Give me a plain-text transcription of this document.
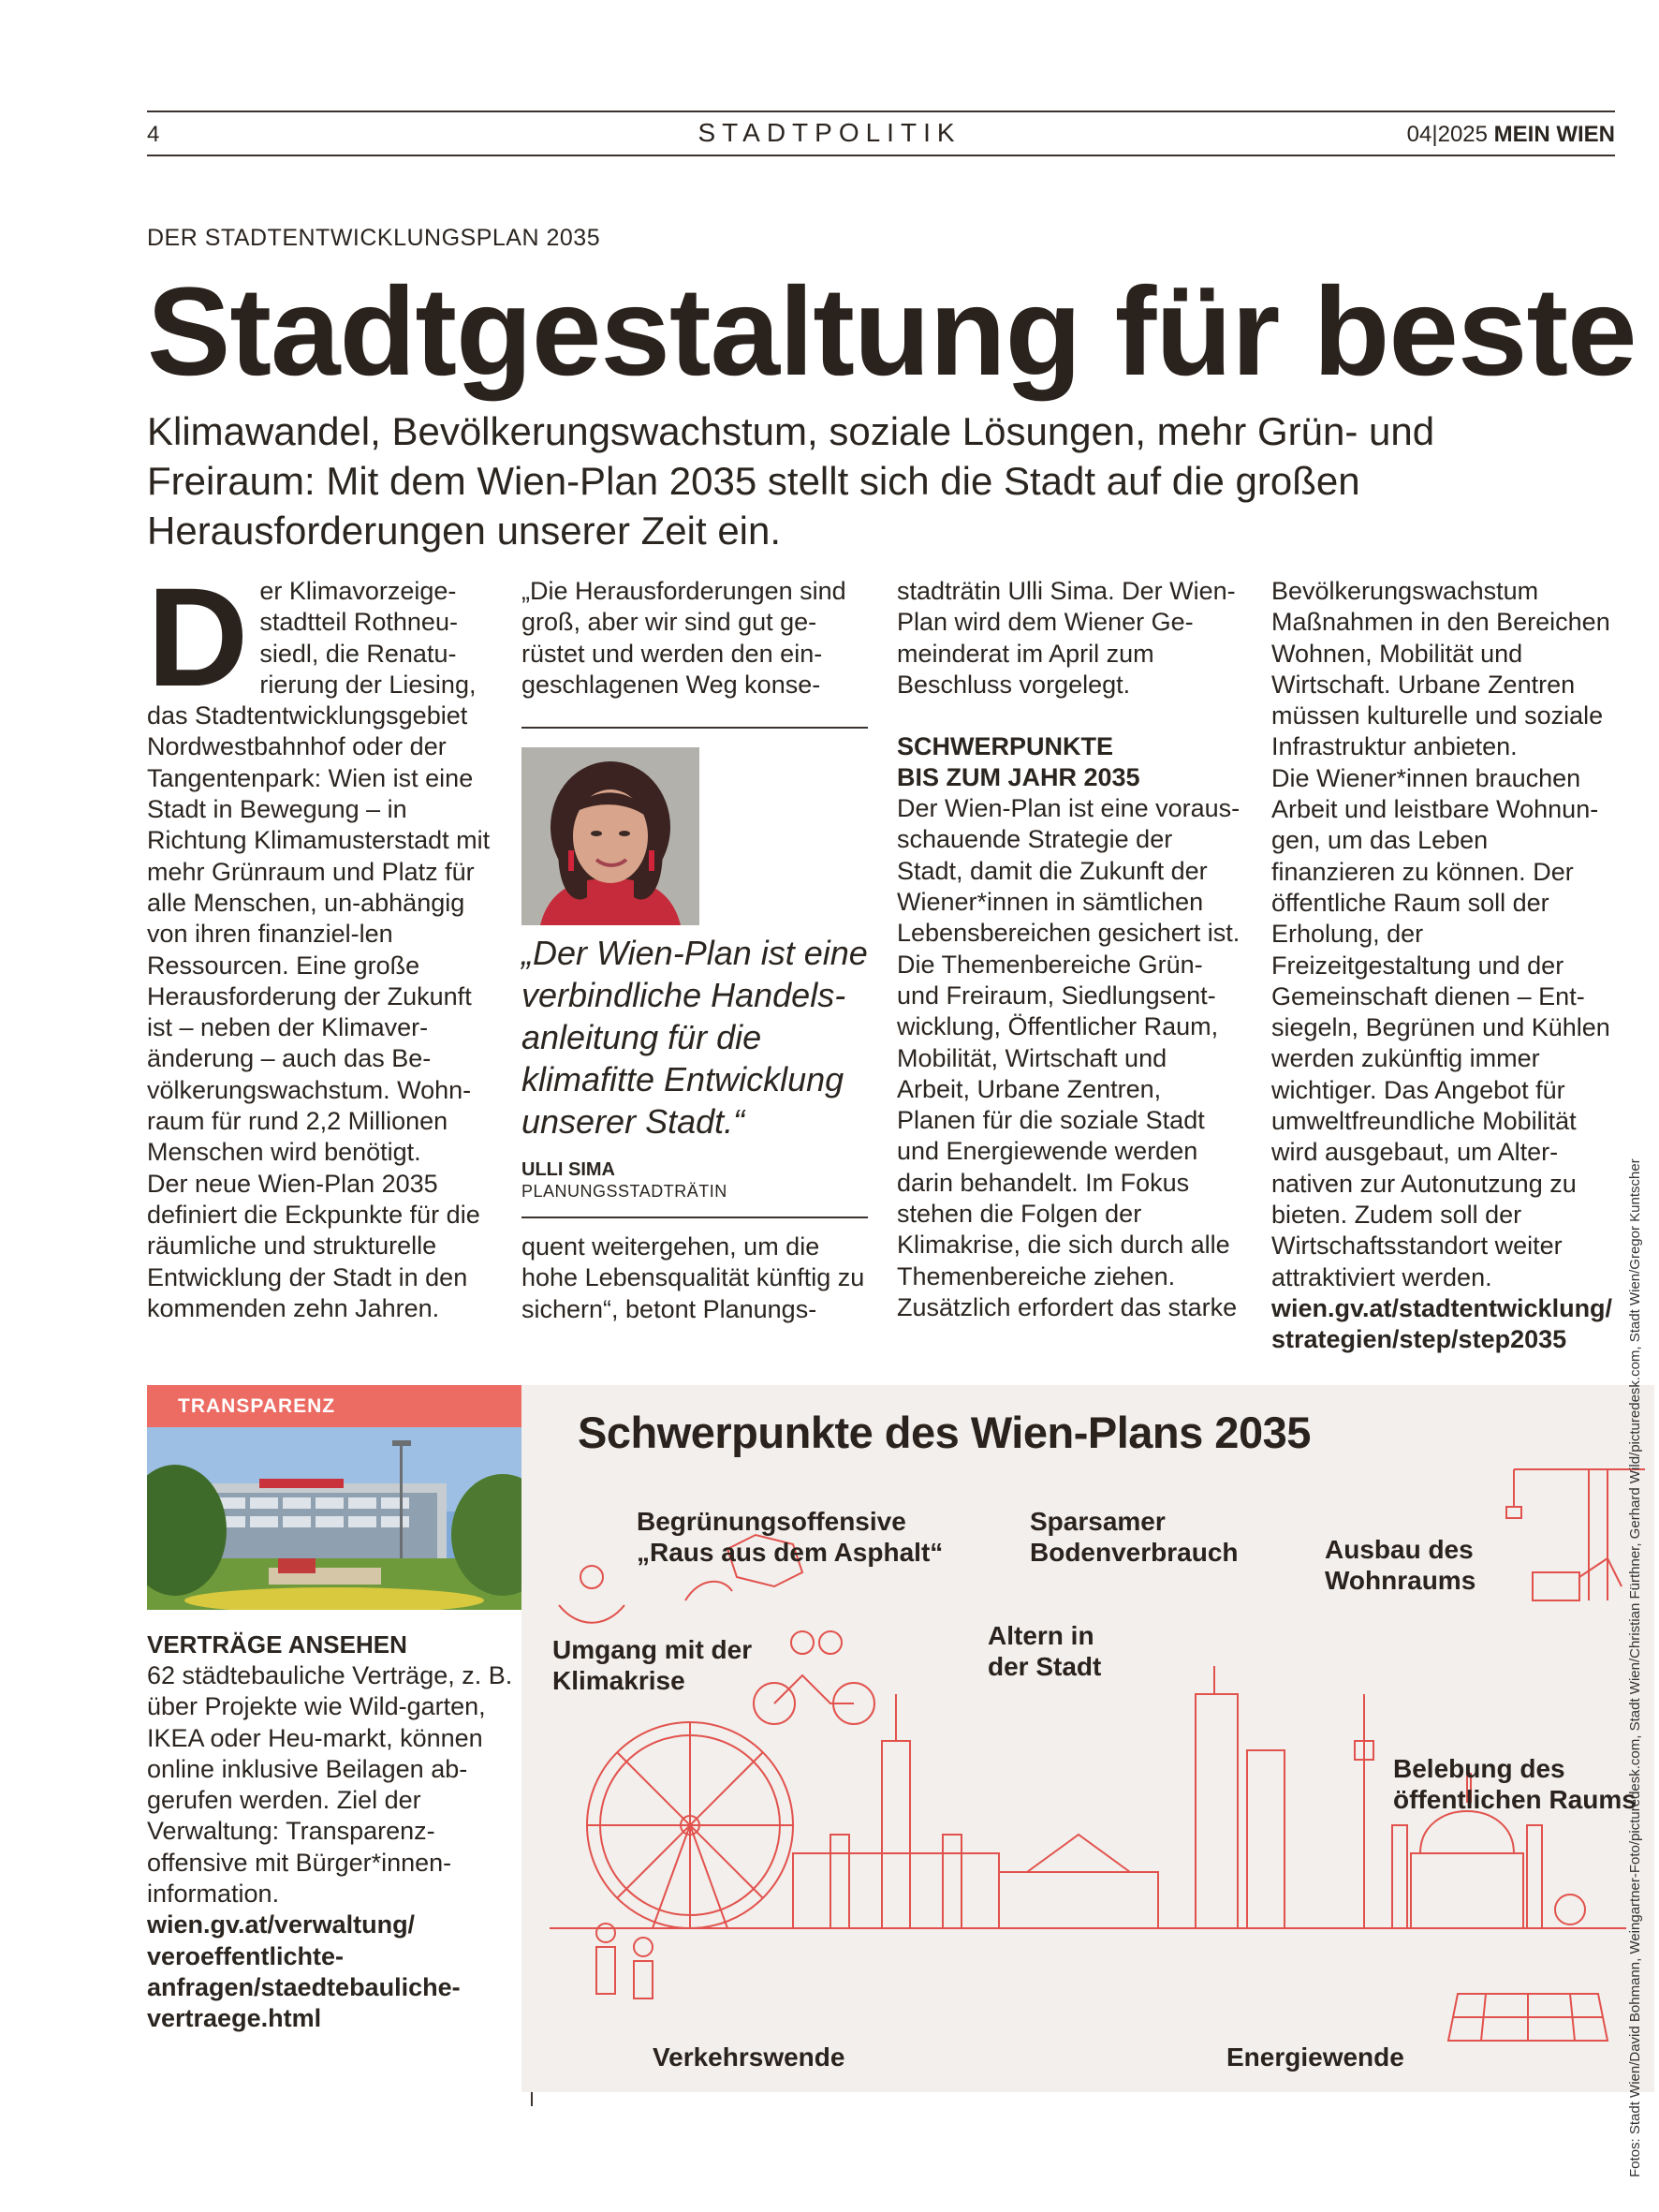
4	STADTPOLITIK	04|2025 MEIN WIEN
DER STADTENTWICKLUNGSPLAN 2035
Stadtgestaltung für beste
Klimawandel, Bevölkerungswachstum, soziale Lösungen, mehr Grün- und Freiraum: Mit dem Wien-Plan 2035 stellt sich die Stadt auf die großen Herausforderungen unserer Zeit ein.
D er Klimavorzeige-stadtteil Rothneu-siedl, die Renatu-rierung der Liesing, das Stadtentwicklungsgebiet Nordwestbahnhof oder der Tangentenpark: Wien ist eine Stadt in Bewegung – in Richtung Klimamusterstadt mit mehr Grünraum und Platz für alle Menschen, un-abhängig von ihren finanziel-len Ressourcen. Eine große Herausforderung der Zukunft ist – neben der Klimaver-änderung – auch das Be-völkerungswachstum. Wohn-raum für rund 2,2 Millionen Menschen wird benötigt.

Der neue Wien-Plan 2035 definiert die Eckpunkte für die räumliche und strukturelle Entwicklung der Stadt in den kommenden zehn Jahren.

„Die Herausforderungen sind groß, aber wir sind gut ge-rüstet und werden den ein-geschlagenen Weg konse-

„Der Wien-Plan ist eine verbindliche Handels-anleitung für die klimafitte Entwicklung unserer Stadt.“
ULLI SIMA
PLANUNGSSTADTRÄTIN

quent weitergehen, um die hohe Lebensqualität künftig zu sichern“, betont Planungs-

stadträtin Ulli Sima. Der Wien-Plan wird dem Wiener Ge-meinderat im April zum Beschluss vorgelegt.

SCHWERPUNKTE

BIS ZUM JAHR 2035

Der Wien-Plan ist eine voraus-schauende Strategie der Stadt, damit die Zukunft der Wiener*innen in sämtlichen Lebensbereichen gesichert ist. Die Themenbereiche Grün-und Freiraum, Siedlungsent-wicklung, Öffentlicher Raum, Mobilität, Wirtschaft und Arbeit, Urbane Zentren, Planen für die soziale Stadt und Energiewende werden darin behandelt. Im Fokus stehen die Folgen der Klimakrise, die sich durch alle Themenbereiche ziehen. Zusätzlich erfordert das starke

Bevölkerungswachstum Maßnahmen in den Bereichen Wohnen, Mobilität und Wirtschaft. Urbane Zentren müssen kulturelle und soziale Infrastruktur anbieten.

Die Wiener*innen brauchen Arbeit und leistbare Wohnun-gen, um das Leben finanzieren zu können. Der öffentliche Raum soll der Erholung, der Freizeitgestaltung und der Gemeinschaft dienen – Ent-siegeln, Begrünen und Kühlen werden zukünftig immer wichtiger. Das Angebot für umweltfreundliche Mobilität wird ausgebaut, um Alter-nativen zur Autonutzung zu bieten. Zudem soll der Wirtschaftsstandort weiter attraktiviert werden.

wien.gv.at/stadtentwicklung/

strategien/step/step2035

TRANSPARENZ
VERTRÄGE ANSEHEN
62 städtebauliche Verträge, z. B. über Projekte wie Wild-garten, IKEA oder Heu-markt, können online inklusive Beilagen ab-gerufen werden. Ziel der Verwaltung: Transparenz-offensive mit Bürger*innen-information.
wien.gv.at/verwaltung/
veroeffentlichte-
anfragen/staedtebauliche-
vertraege.html
Schwerpunkte des Wien-Plans 2035
Begrünungsoffensive
„Raus aus dem Asphalt“
Sparsamer
Bodenverbrauch	Ausbau des
Wohnraums
Umgang mit der
Klimakrise
Altern in
der Stadt
Belebung des
öffentlichen Raums
Verkehrswende	Energiewende	Fotos: Stadt Wien/David Bohmann, Weingartner-Foto/picturedesk.com, Stadt Wien/Christian Fürthner, Gerhard Wild/picturedesk.com, Stadt Wien/Gregor Kuntscher
